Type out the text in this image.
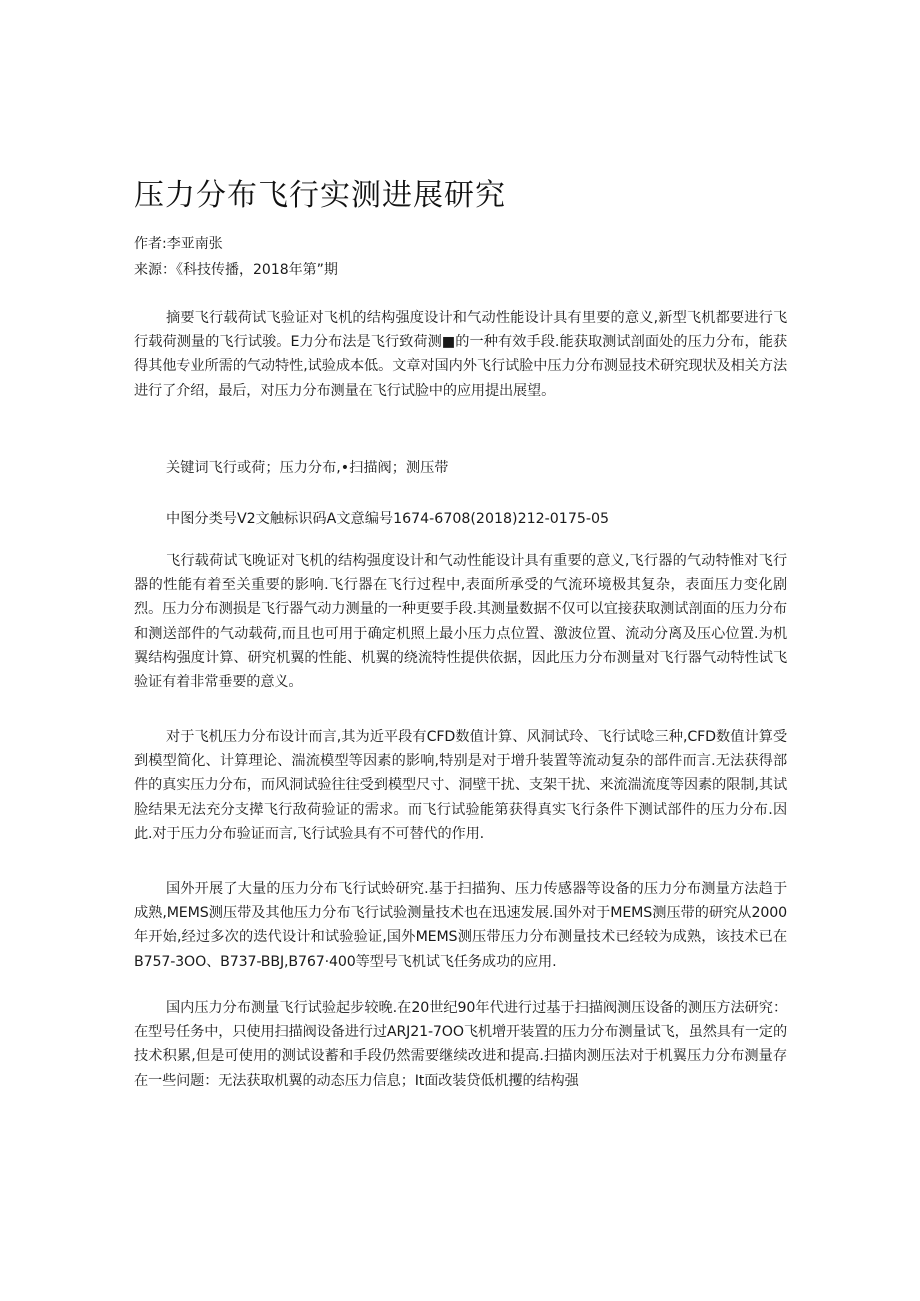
压力分布飞行实测进展研究
作者:李亚南张
来源：《科技传播，2018年第”期

摘要飞行载荷试飞验证对飞机的结构强度设计和气动性能设计具有里要的意义,新型飞机都要进行飞行载荷测量的飞行试骏。E力分布法是飞行致荷测■的一种有效手段.能获取测试剖面处的压力分布，能获得其他专业所需的气动特性,试验成本低。文章对国内外飞行试脸中压力分布测显技术研究现状及相关方法进行了介绍，最后，对压力分布测量在飞行试脸中的应用提出展望。

关键词飞行或荷；压力分布,•扫描阀；测压带
中图分类号V2文触标识码A文意编号1674-6708(2018)212-0175-05

飞行载荷试飞晚证对飞机的结构强度设计和气动性能设计具有重要的意义,飞行器的气动特惟对飞行器的性能有着至关重要的影响.飞行器在飞行过程中,表面所承受的气流环境极其复杂，表面压力变化剧烈。压力分布测损是飞行器气动力测量的一种更要手段.其测量数据不仅可以宜接获取测试剖面的压力分布和测送部件的气动载荷,而且也可用于确定机照上最小压力点位置、激波位置、流动分离及压心位置.为机翼结构强度计算、研究机翼的性能、机翼的绕流特性提供依据，因此压力分布测量对飞行器气动特性试飞验证有着非常垂要的意义。

对于飞机压力分布设计而言,其为近平段有CFD数值计算、风洞试玲、飞行试唸三种,CFD数值计算受到模型简化、计算理论、湍流模型等因素的影响,特别是对于增升装置等流动复杂的部件而言.无法获得部件的真实压力分布，而风洞试验往往受到模型尺寸、洞壁干扰、支架干扰、来流湍流度等因素的限制,其试脸结果无法充分支撵飞行敌荷验证的需求。而飞行试验能第获得真实飞行条件下测试部件的压力分布.因此.对于压力分布验证而言,飞行试验具有不可替代的作用.

国外开展了大量的压力分布飞行试蛉研究.基于扫描狗、压力传感器等设备的压力分布测量方法趋于成熟,MEMS测压带及其他压力分布飞行试验测量技术也在迅速发展.国外对于MEMS测压带的研究从2000年开始,经过多次的迭代设计和试验验证,国外MEMS测压带压力分布测量技术已经较为成熟，该技术已在B757-3OO、B737-BBJ,B767·400等型号飞机试飞任务成功的应用.

国内压力分布测量飞行试验起步较晚.在20世纪90年代进行过基于扫描阀测压设备的测压方法研究：在型号任务中，只使用扫描阀设备进行过ARJ21-7OO飞机增开装置的压力分布测量试飞，虽然具有一定的技术积累,但是可使用的测试设蓄和手段仍然需要继续改进和提高.扫描肉测压法对于机翼压力分布测量存在一些问题：无法获取机翼的动态压力信息；It面改装贷低机攫的结构强
